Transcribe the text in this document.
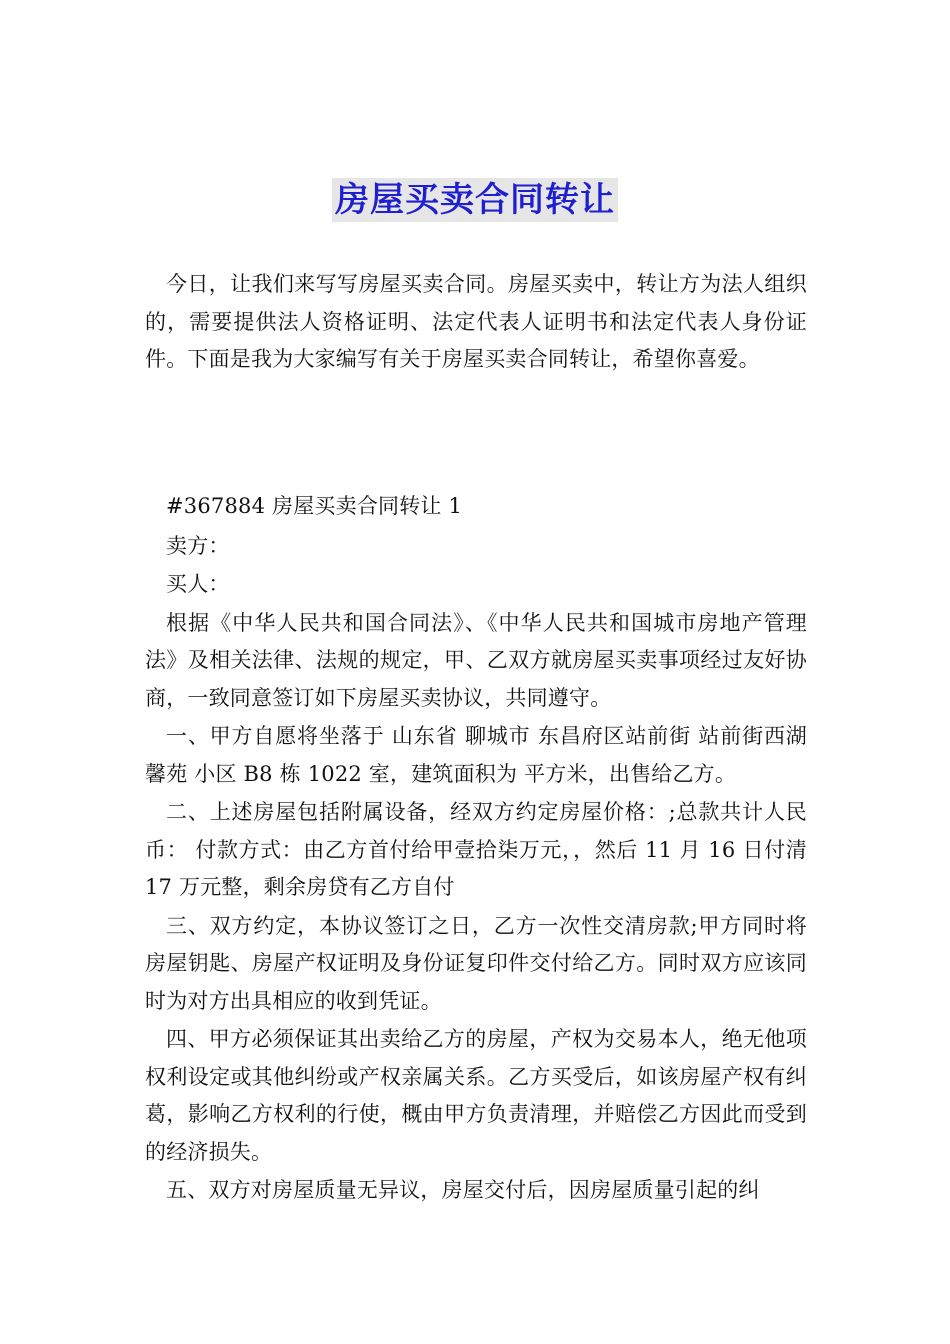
房屋买卖合同转让

今日，让我们来写写房屋买卖合同。房屋买卖中，转让方为法人组织的，需要提供法人资格证明、法定代表人证明书和法定代表人身份证件。下面是我为大家编写有关于房屋买卖合同转让，希望你喜爱。

#367884 房屋买卖合同转让 1

卖方：

买人：

根据《中华人民共和国合同法》、《中华人民共和国城市房地产管理法》及相关法律、法规的规定，甲、乙双方就房屋买卖事项经过友好协商，一致同意签订如下房屋买卖协议，共同遵守。

一、甲方自愿将坐落于 山东省 聊城市 东昌府区站前街 站前街西湖馨苑 小区 B8 栋 1022 室，建筑面积为 平方米，出售给乙方。

二、上述房屋包括附属设备，经双方约定房屋价格：;总款共计人民币： 付款方式：由乙方首付给甲壹拾柒万元，，然后 11 月 16 日付清 17 万元整，剩余房贷有乙方自付

三、双方约定，本协议签订之日，乙方一次性交清房款;甲方同时将房屋钥匙、房屋产权证明及身份证复印件交付给乙方。同时双方应该同时为对方出具相应的收到凭证。

四、甲方必须保证其出卖给乙方的房屋，产权为交易本人，绝无他项权利设定或其他纠纷或产权亲属关系。乙方买受后，如该房屋产权有纠葛，影响乙方权利的行使，概由甲方负责清理，并赔偿乙方因此而受到的经济损失。

五、双方对房屋质量无异议，房屋交付后，因房屋质量引起的纠
